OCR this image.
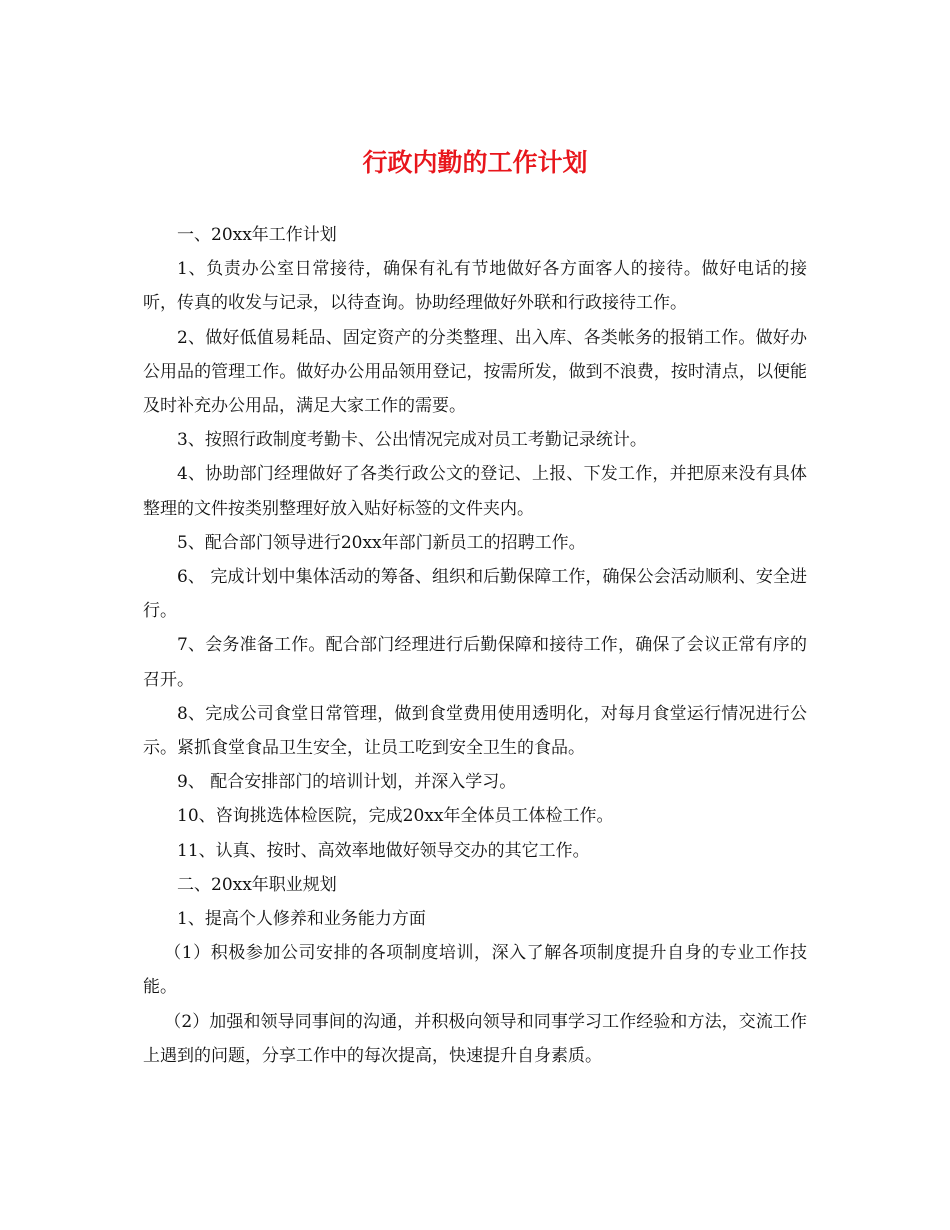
行政内勤的工作计划

一、20xx年工作计划

1、负责办公室日常接待，确保有礼有节地做好各方面客人的接待。做好电话的接听，传真的收发与记录，以待查询。协助经理做好外联和行政接待工作。

2、做好低值易耗品、固定资产的分类整理、出入库、各类帐务的报销工作。做好办公用品的管理工作。做好办公用品领用登记，按需所发，做到不浪费，按时清点，以便能及时补充办公用品，满足大家工作的需要。

3、按照行政制度考勤卡、公出情况完成对员工考勤记录统计。

4、协助部门经理做好了各类行政公文的登记、上报、下发工作，并把原来没有具体整理的文件按类别整理好放入贴好标签的文件夹内。

5、配合部门领导进行20xx年部门新员工的招聘工作。

6、 完成计划中集体活动的筹备、组织和后勤保障工作，确保公会活动顺利、安全进行。

7、会务准备工作。配合部门经理进行后勤保障和接待工作，确保了会议正常有序的召开。

8、完成公司食堂日常管理，做到食堂费用使用透明化，对每月食堂运行情况进行公示。紧抓食堂食品卫生安全，让员工吃到安全卫生的食品。

9、 配合安排部门的培训计划，并深入学习。

10、咨询挑选体检医院，完成20xx年全体员工体检工作。

11、认真、按时、高效率地做好领导交办的其它工作。

二、20xx年职业规划

1、提高个人修养和业务能力方面

（1）积极参加公司安排的各项制度培训，深入了解各项制度提升自身的专业工作技能。

（2）加强和领导同事间的沟通，并积极向领导和同事学习工作经验和方法，交流工作上遇到的问题，分享工作中的每次提高，快速提升自身素质。
